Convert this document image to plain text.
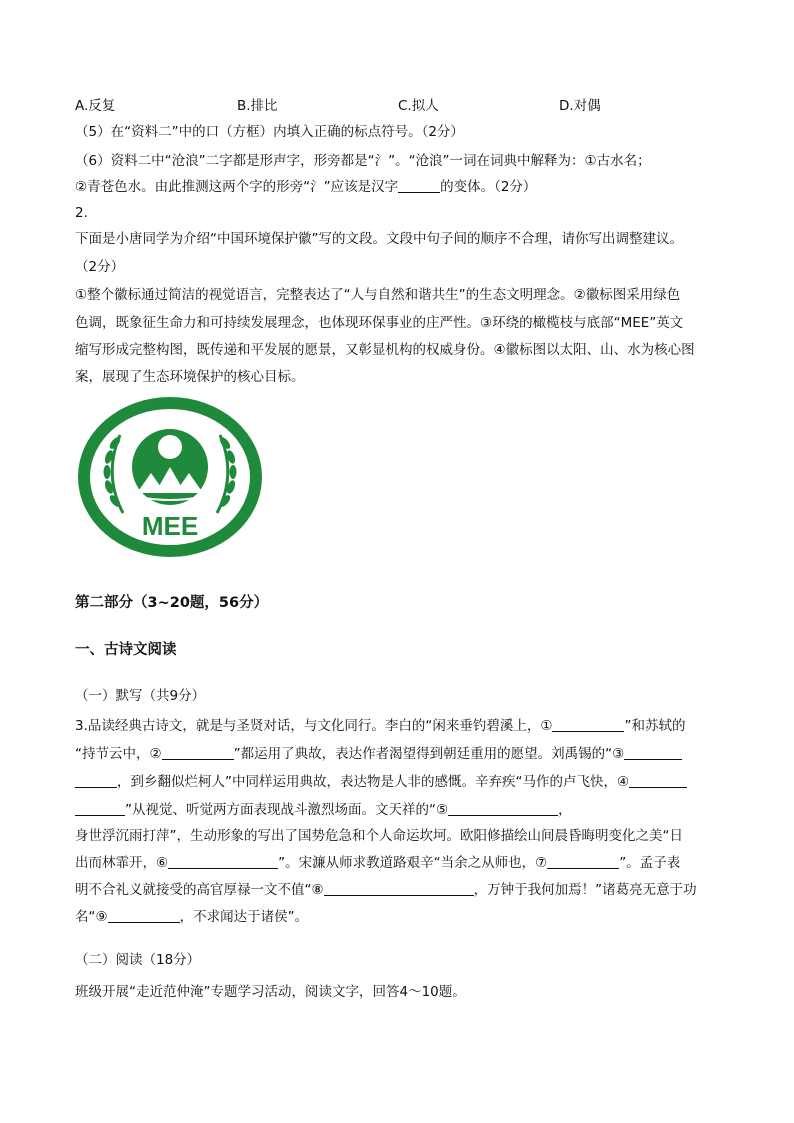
A.反复	B.排比	C.拟人	D.对偶
（5）在“资料二”中的口（方框）内填入正确的标点符号。（2分）
（6）资料二中“沧浪”二字都是形声字，形旁都是“氵”。“沧浪”一词在词典中解释为：①古水名；
②青苍色水。由此推测这两个字的形旁“氵”应该是汉字	的变体。（2分）
2.
下面是小唐同学为介绍“中国环境保护徽”写的文段。文段中句子间的顺序不合理，请你写出调整建议。
（2分）
①整个徽标通过简洁的视觉语言，完整表达了“人与自然和谐共生”的生态文明理念。②徽标图采用绿色
色调，既象征生命力和可持续发展理念，也体现环保事业的庄严性。③环绕的橄榄枝与底部“MEE”英文
缩写形成完整构图，既传递和平发展的愿景，又彰显机构的权威身份。④徽标图以太阳、山、水为核心图
案，展现了生态环境保护的核心目标。
MEE
第二部分（3~20题，56分）
一、古诗文阅读
（一）默写（共9分）
3.品读经典古诗文，就是与圣贤对话，与文化同行。李白的“闲来垂钓碧溪上，①	”和苏轼的
“持节云中，②	”都运用了典故，表达作者渴望得到朝廷重用的愿望。刘禹锡的“③
，到乡翻似烂柯人”中同样运用典故，表达物是人非的感慨。辛弃疾“马作的卢飞快，④
”从视觉、听觉两方面表现战斗激烈场面。文天祥的“⑤	，
身世浮沉雨打萍”，生动形象的写出了国势危急和个人命运坎坷。欧阳修描绘山间晨昏晦明变化之美“日
出而林霏开，⑥	”。宋濂从师求教道路艰辛“当余之从师也，⑦	”。孟子表
明不合礼义就接受的高官厚禄一文不值“⑧	，万钟于我何加焉！”诸葛亮无意于功
名“⑨	，不求闻达于诸侯”。
（二）阅读（18分）
班级开展“走近范仲淹”专题学习活动，阅读文字，回答4～10题。
